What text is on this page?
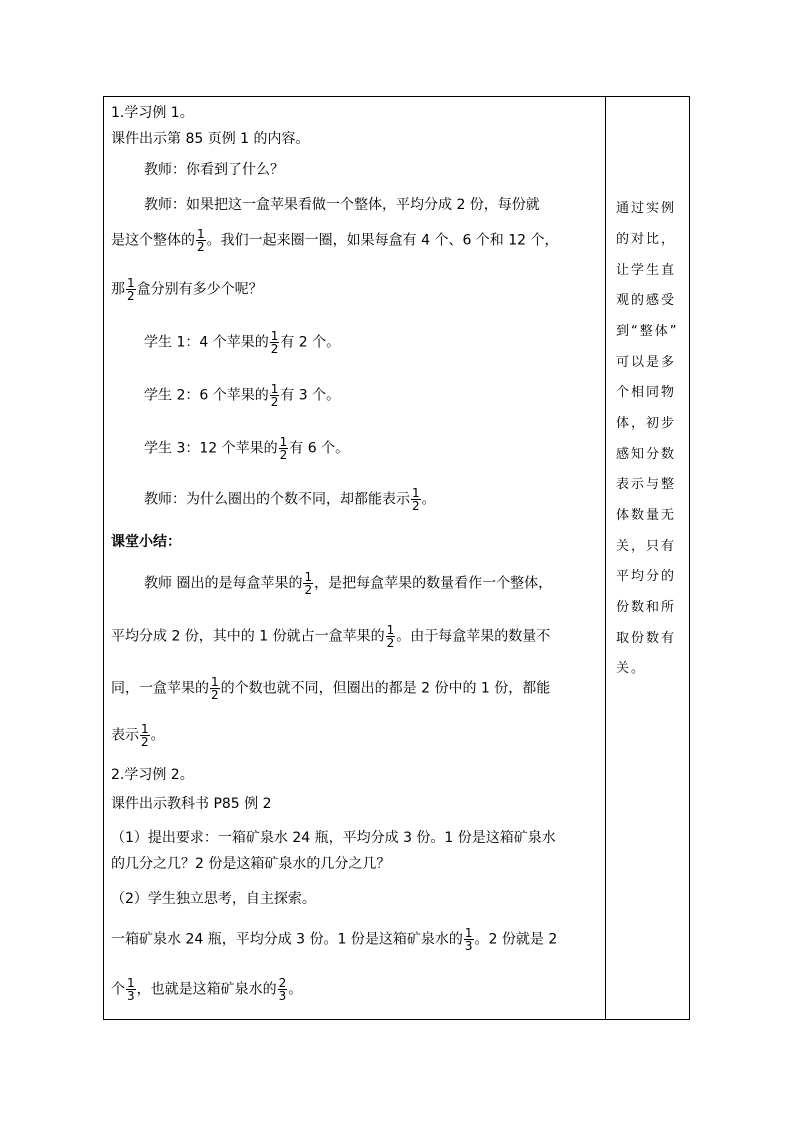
1.学习例 1。
课件出示第 85 页例 1 的内容。
教师：你看到了什么？
教师：如果把这一盒苹果看做一个整体，平均分成 2 份，每份就
是这个整体的 $\frac{1}{2}$ 。我们一起来圈一圈，如果每盒有 4 个、6 个和 12 个，
那 $\frac{1}{2}$ 盒分别有多少个呢？
学生 1：4 个苹果的 $\frac{1}{2}$ 有 2 个。
学生 2：6 个苹果的 $\frac{1}{2}$ 有 3 个。
学生 3：12 个苹果的 $\frac{1}{2}$ 有 6 个。
教师：为什么圈出的个数不同，却都能表示 $\frac{1}{2}$ 。
课堂小结：
教师 圈出的是每盒苹果的 $\frac{1}{2}$ ，是把每盒苹果的数量看作一个整体，
平均分成 2 份，其中的 1 份就占一盒苹果的 $\frac{1}{2}$ 。由于每盒苹果的数量不
同，一盒苹果的 $\frac{1}{2}$ 的个数也就不同，但圈出的都是 2 份中的 1 份，都能
表示 $\frac{1}{2}$ 。
2.学习例 2。
课件出示教科书 P85 例 2
（1）提出要求：一箱矿泉水 24 瓶，平均分成 3 份。1 份是这箱矿泉水
的几分之几？2 份是这箱矿泉水的几分之几？
（2）学生独立思考，自主探索。
一箱矿泉水 24 瓶，平均分成 3 份。1 份是这箱矿泉水的 $\frac{1}{3}$ 。2 份就是 2
个 $\frac{1}{3}$ ，也就是这箱矿泉水的 $\frac{2}{3}$ 。
通过实例
的对比，
让学生直
观的感受
到“整体”
可以是多
个相同物
体，初步
感知分数
表示与整
体数量无
关，只有
平均分的
份数和所
取份数有
关。
